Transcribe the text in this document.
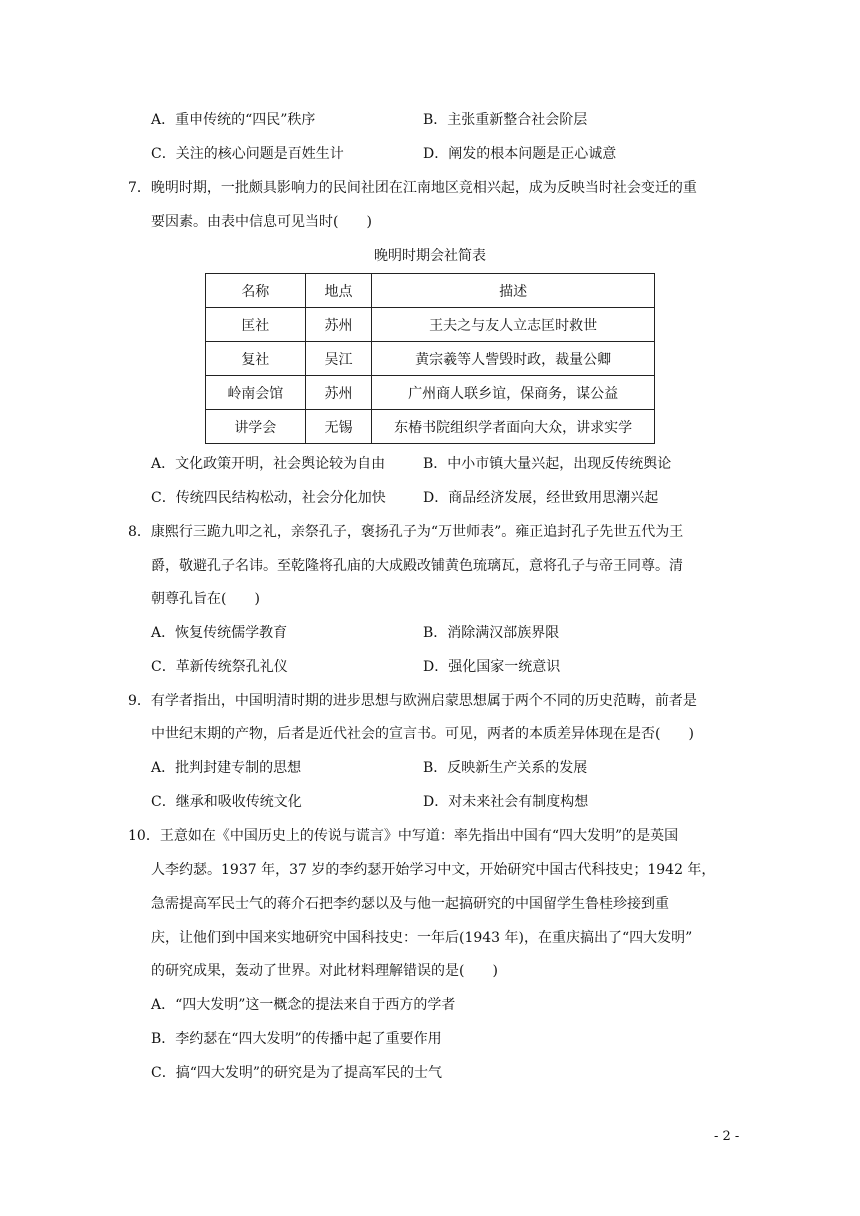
A．重申传统的“四民”秩序	B．主张重新整合社会阶层
C．关注的核心问题是百姓生计	D．阐发的根本问题是正心诚意
7．晚明时期，一批颇具影响力的民间社团在江南地区竞相兴起，成为反映当时社会变迁的重
要因素。由表中信息可见当时(　　)
晚明时期会社简表
名称	地点	描述
匡社	苏州	王夫之与友人立志匡时救世
复社	吴江	黄宗羲等人訾毁时政，裁量公卿
岭南会馆	苏州	广州商人联乡谊，保商务，谋公益
讲学会	无锡	东椿书院组织学者面向大众，讲求实学
A．文化政策开明，社会舆论较为自由	B．中小市镇大量兴起，出现反传统舆论
C．传统四民结构松动，社会分化加快	D．商品经济发展，经世致用思潮兴起
8．康熙行三跪九叩之礼，亲祭孔子，褒扬孔子为“万世师表”。雍正追封孔子先世五代为王
爵，敬避孔子名讳。至乾隆将孔庙的大成殿改铺黄色琉璃瓦，意将孔子与帝王同尊。清
朝尊孔旨在(　　)
A．恢复传统儒学教育	B．消除满汉部族界限
C．革新传统祭孔礼仪	D．强化国家一统意识
9．有学者指出，中国明清时期的进步思想与欧洲启蒙思想属于两个不同的历史范畴，前者是
中世纪末期的产物，后者是近代社会的宣言书。可见，两者的本质差异体现在是否(　　)
A．批判封建专制的思想	B．反映新生产关系的发展
C．继承和吸收传统文化	D．对未来社会有制度构想
10．王意如在《中国历史上的传说与谎言》中写道：率先指出中国有“四大发明”的是英国
人李约瑟。1937 年，37 岁的李约瑟开始学习中文，开始研究中国古代科技史；1942 年，
急需提高军民士气的蒋介石把李约瑟以及与他一起搞研究的中国留学生鲁桂珍接到重
庆，让他们到中国来实地研究中国科技史：一年后(1943 年)，在重庆搞出了“四大发明”
的研究成果，轰动了世界。对此材料理解错误的是(　　)
A．“四大发明”这一概念的提法来自于西方的学者
B．李约瑟在“四大发明”的传播中起了重要作用
C．搞“四大发明”的研究是为了提高军民的士气
- 2 -
